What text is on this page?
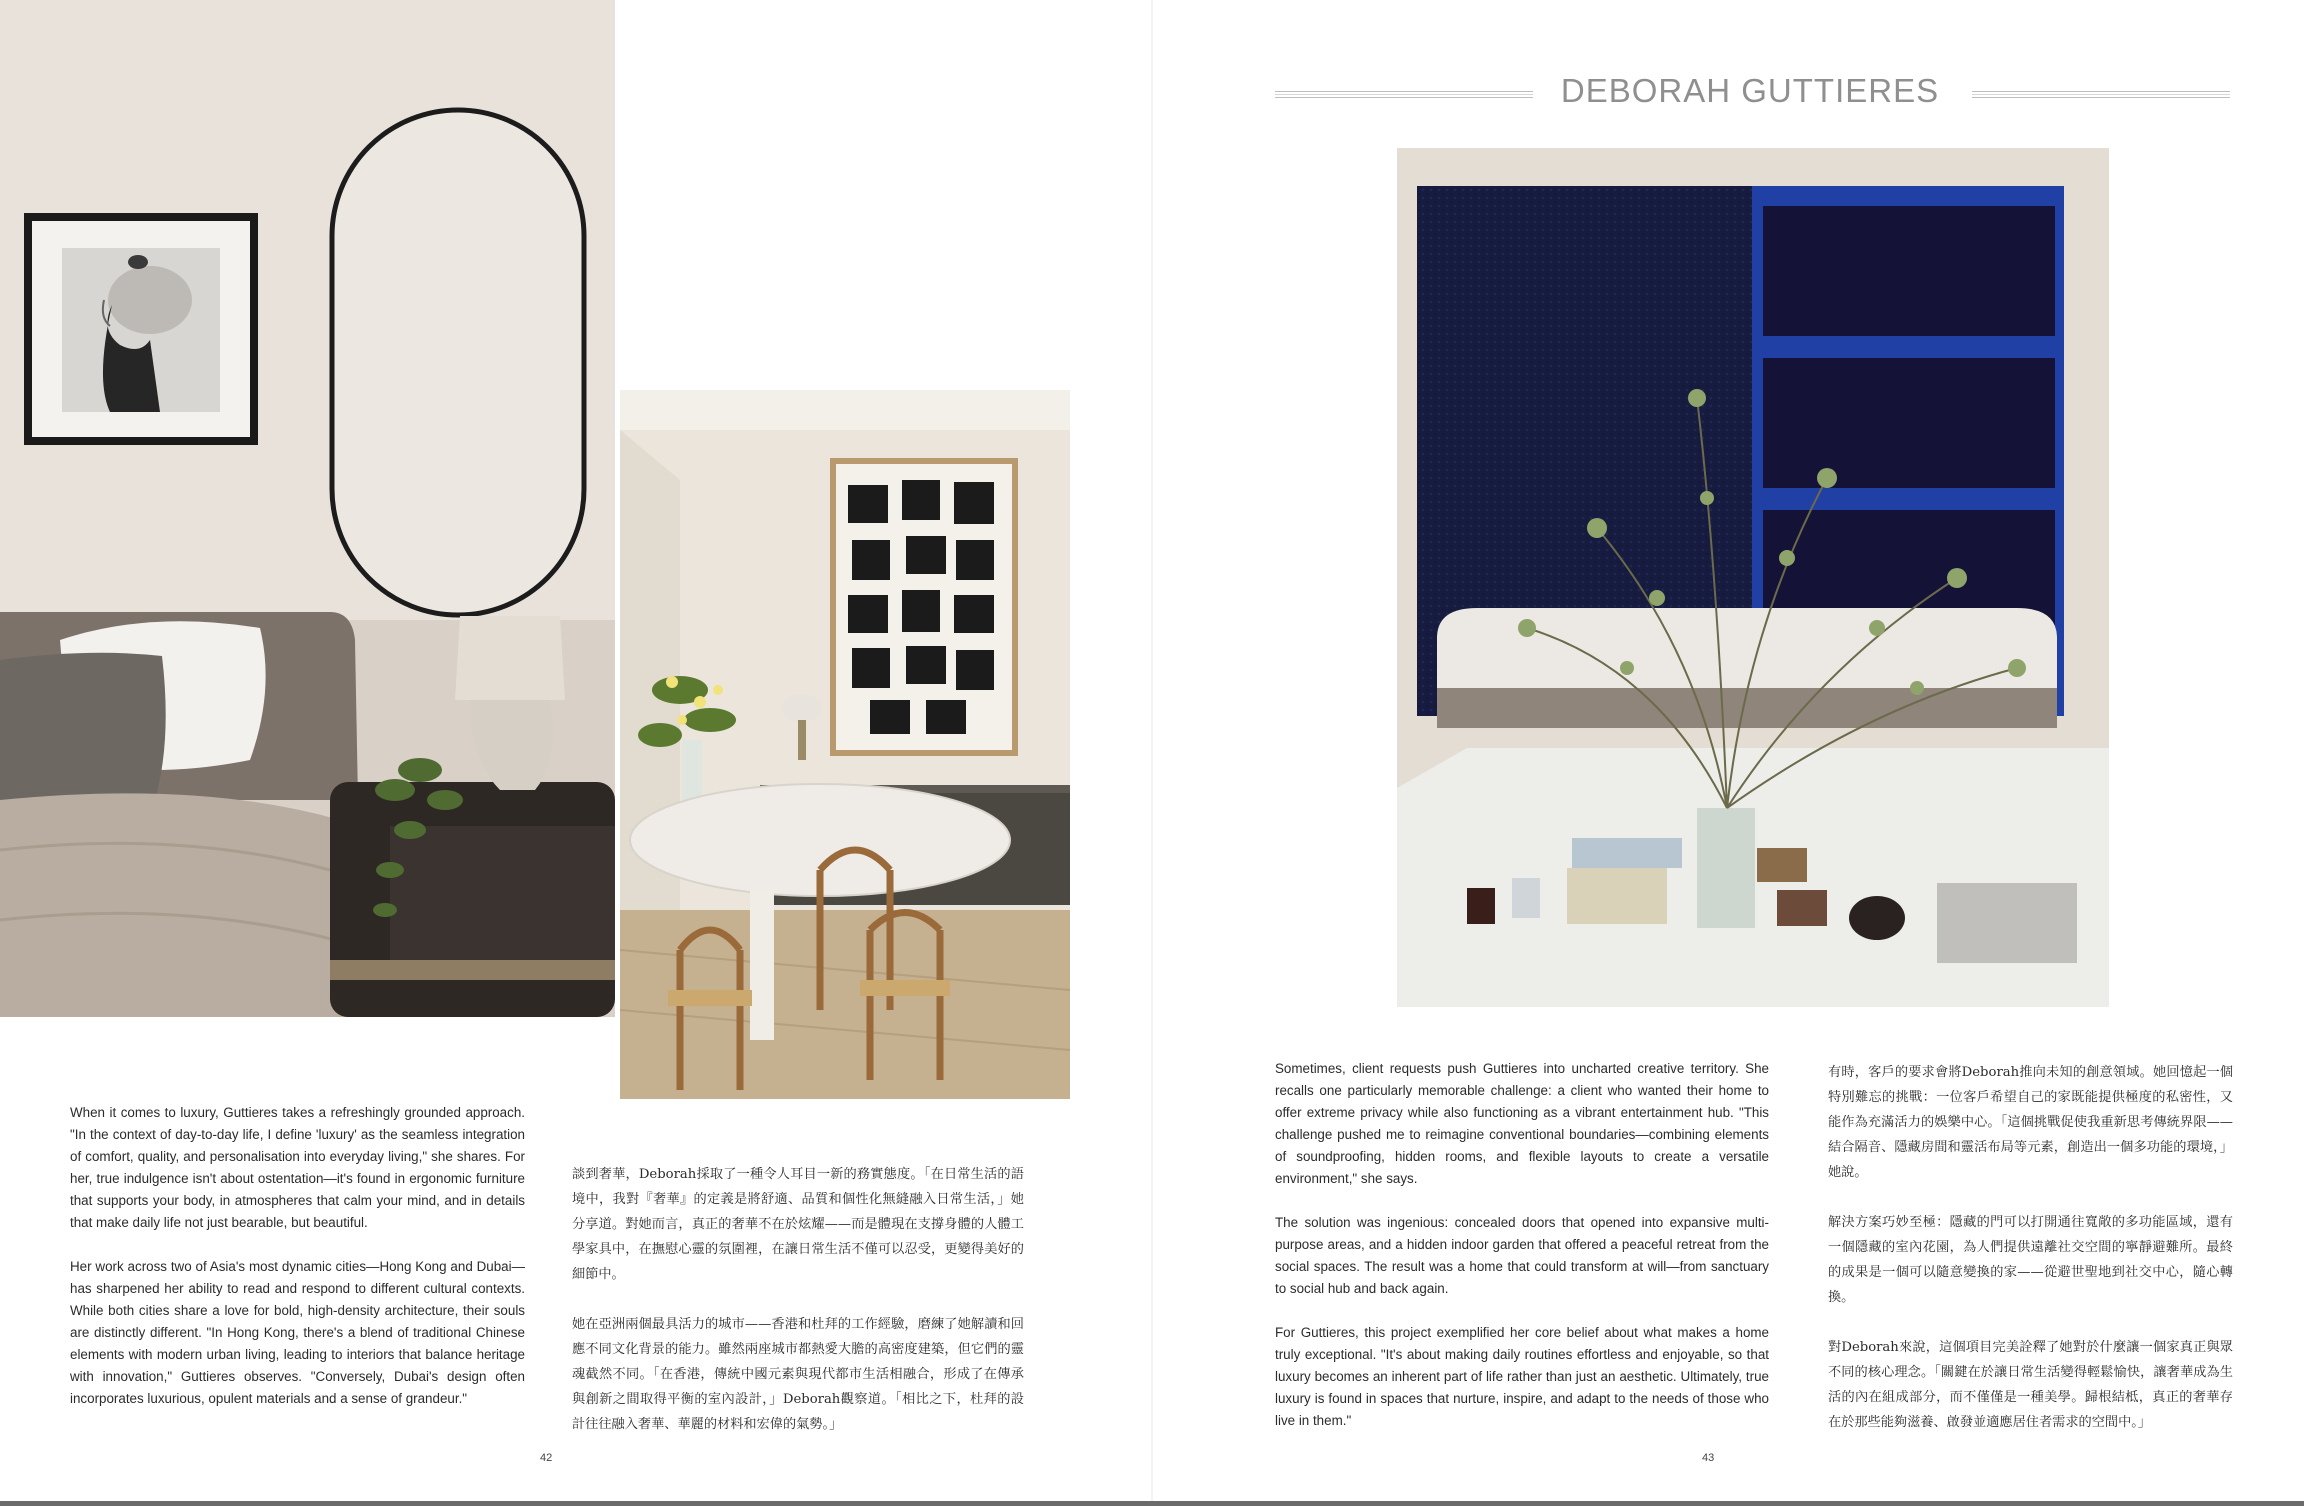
When it comes to luxury, Guttieres takes a refreshingly grounded approach. "In the context of day-to-day life, I define 'luxury' as the seamless integration of comfort, quality, and personalisation into everyday living," she shares. For her, true indulgence isn't about ostentation—it's found in ergonomic furniture that supports your body, in atmospheres that calm your mind, and in details that make daily life not just bearable, but beautiful.

Her work across two of Asia's most dynamic cities—Hong Kong and Dubai—has sharpened her ability to read and respond to different cultural contexts. While both cities share a love for bold, high-density architecture, their souls are distinctly different. "In Hong Kong, there's a blend of traditional Chinese elements with modern urban living, leading to interiors that balance heritage with innovation," Guttieres observes. "Conversely, Dubai's design often incorporates luxurious, opulent materials and a sense of grandeur."

談到奢華，Deborah採取了一種令人耳目一新的務實態度。「在日常生活的語境中，我對『奢華』的定義是將舒適、品質和個性化無縫融入日常生活，」她分享道。對她而言，真正的奢華不在於炫耀——而是體現在支撐身體的人體工學家具中，在撫慰心靈的氛圍裡，在讓日常生活不僅可以忍受，更變得美好的細節中。

她在亞洲兩個最具活力的城市——香港和杜拜的工作經驗，磨練了她解讀和回應不同文化背景的能力。雖然兩座城市都熱愛大膽的高密度建築，但它們的靈魂截然不同。「在香港，傳統中國元素與現代都市生活相融合，形成了在傳承與創新之間取得平衡的室內設計，」Deborah觀察道。「相比之下，杜拜的設計往往融入奢華、華麗的材料和宏偉的氣勢。」

42
DEBORAH GUTTIERES

Sometimes, client requests push Guttieres into uncharted creative territory. She recalls one particularly memorable challenge: a client who wanted their home to offer extreme privacy while also functioning as a vibrant entertainment hub. "This challenge pushed me to reimagine conventional boundaries—combining elements of soundproofing, hidden rooms, and flexible layouts to create a versatile environment," she says.

The solution was ingenious: concealed doors that opened into expansive multi-purpose areas, and a hidden indoor garden that offered a peaceful retreat from the social spaces. The result was a home that could transform at will—from sanctuary to social hub and back again.

For Guttieres, this project exemplified her core belief about what makes a home truly exceptional. "It's about making daily routines effortless and enjoyable, so that luxury becomes an inherent part of life rather than just an aesthetic. Ultimately, true luxury is found in spaces that nurture, inspire, and adapt to the needs of those who live in them."

有時，客戶的要求會將Deborah推向未知的創意領域。她回憶起一個特別難忘的挑戰：一位客戶希望自己的家既能提供極度的私密性，又能作為充滿活力的娛樂中心。「這個挑戰促使我重新思考傳統界限——結合隔音、隱藏房間和靈活布局等元素，創造出一個多功能的環境，」她說。

解決方案巧妙至極：隱藏的門可以打開通往寬敞的多功能區域，還有一個隱藏的室內花園，為人們提供遠離社交空間的寧靜避難所。最終的成果是一個可以隨意變換的家——從避世聖地到社交中心，隨心轉換。

對Deborah來說，這個項目完美詮釋了她對於什麼讓一個家真正與眾不同的核心理念。「關鍵在於讓日常生活變得輕鬆愉快，讓奢華成為生活的內在組成部分，而不僅僅是一種美學。歸根結柢，真正的奢華存在於那些能夠滋養、啟發並適應居住者需求的空間中。」

43
